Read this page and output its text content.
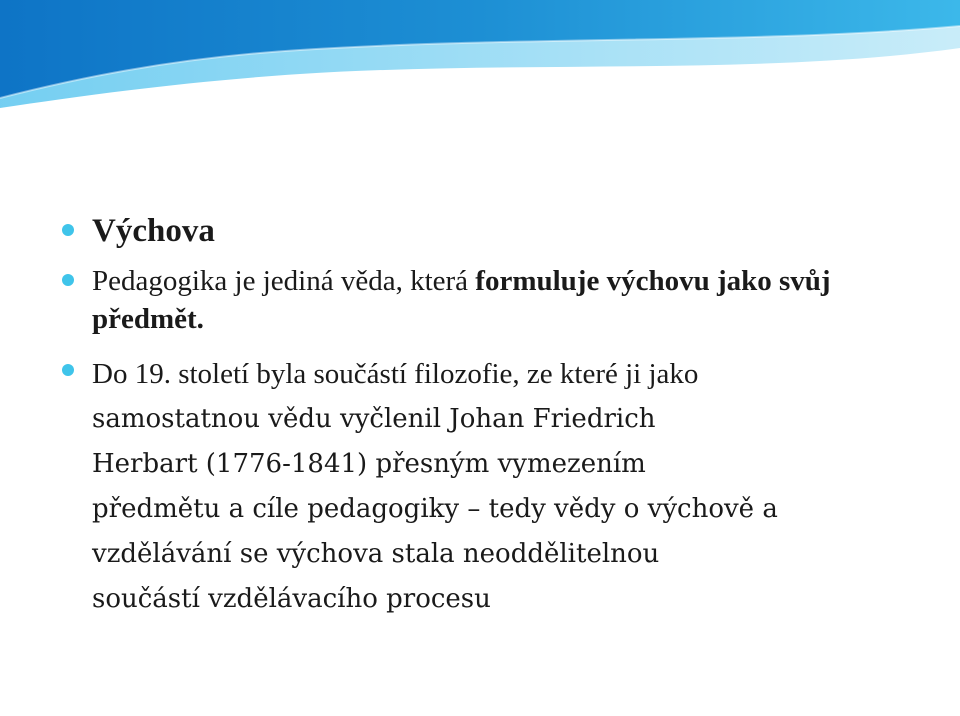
Výchova
Pedagogika je jediná věda, která formuluje výchovu jako svůj předmět.
Do 19. století byla součástí filozofie, ze které ji jako
samostatnou vědu vyčlenil Johan Friedrich
Herbart (1776-1841) přesným vymezením
předmětu a cíle pedagogiky – tedy vědy o výchově a
vzdělávání se výchova stala neoddělitelnou
součástí vzdělávacího procesu
